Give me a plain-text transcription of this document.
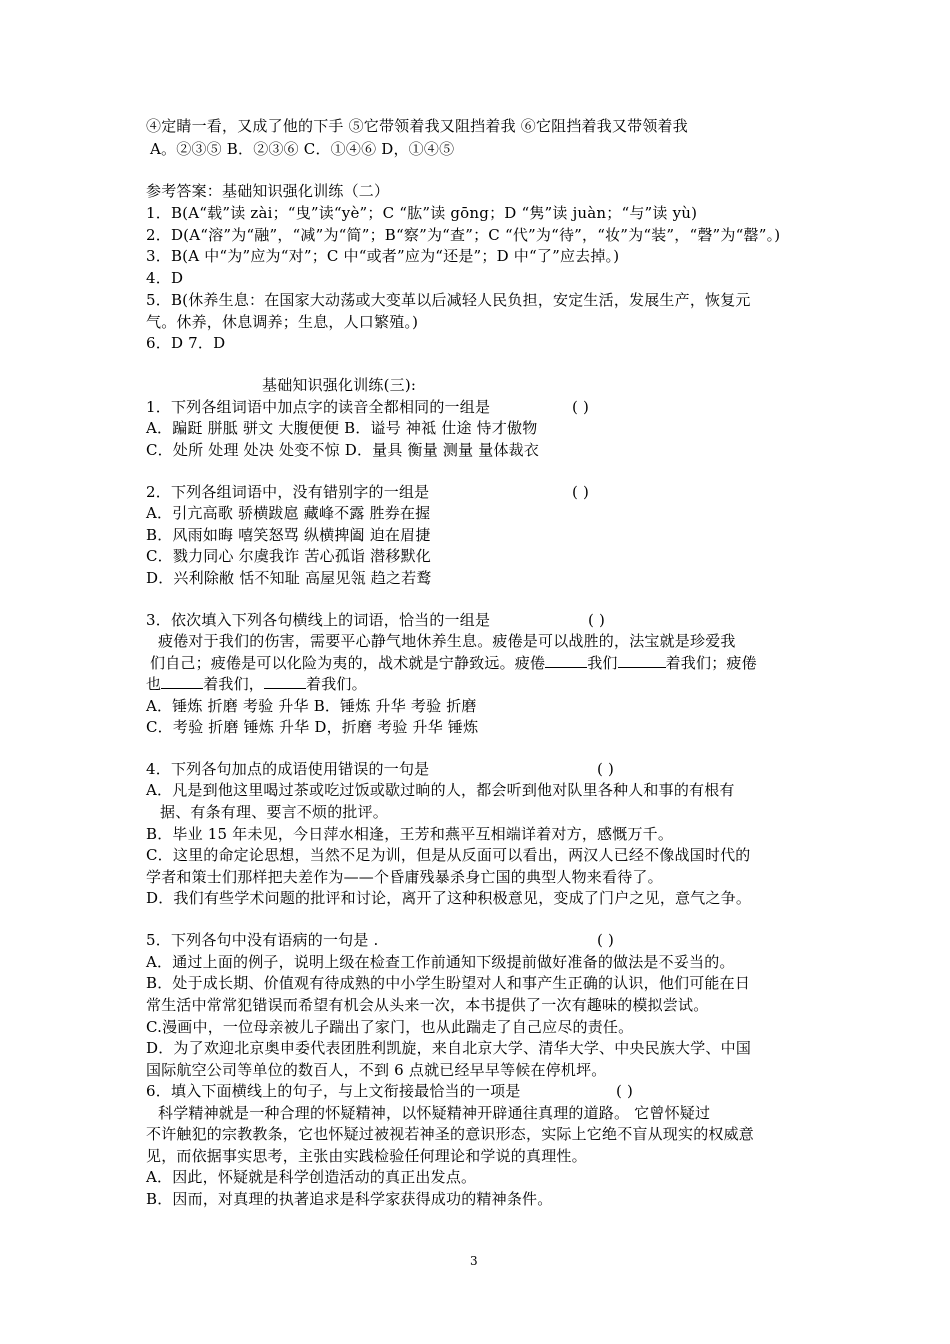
④定睛一看，又成了他的下手 ⑤它带领着我又阻挡着我 ⑥它阻挡着我又带领着我
A。②③⑤ B．②③⑥ C．①④⑥ D，①④⑤
参考答案：基础知识强化训练（二）
1．B(A“载”读 zài；“曳”读“yè”；C “肱”读 gōng；D “隽”读 juàn；“与”读 yù)
2．D(A“溶”为“融”，“减”为“简”；B“察”为“查”；C “代”为“待”，“妆”为“装”，“磬”为“罄”。)
3．B(A 中“为”应为“对”；C 中“或者”应为“还是”；D 中“了”应去掉。)
4．D
5．B(休养生息：在国家大动荡或大变革以后减轻人民负担，安定生活，发展生产，恢复元
气。休养，休息调养；生息，人口繁殖。)
6．D 7．D
基础知识强化训练(三):
1．下列各组词语中加点字的读音全都相同的一组是	( )
A．蹁跹 胼胝 骈文 大腹便便 B．谥号 神祗 仕途 恃才傲物
C．处所 处理 处决 处变不惊 D．量具 衡量 测量 量体裁衣
2．下列各组词语中，没有错别字的一组是	( )
A．引亢高歌 骄横跋扈 藏峰不露 胜券在握
B．风雨如晦 嘻笑怒骂 纵横捭阖 迫在眉捷
C．戮力同心 尔虞我诈 苦心孤诣 潜移默化
D．兴利除敝 恬不知耻 高屋见瓴 趋之若鹜
3．依次填入下列各句横线上的词语，恰当的一组是	( )
疲倦对于我们的伤害，需要平心静气地休养生息。疲倦是可以战胜的，法宝就是珍爱我
们自己；疲倦是可以化险为夷的，战术就是宁静致远。疲倦	我们	着我们；疲倦
也	着我们，	着我们。
A．锤炼 折磨 考验 升华 B．锤炼 升华 考验 折磨
C．考验 折磨 锤炼 升华 D，折磨 考验 升华 锤炼
4．下列各句加点的成语使用错误的一句是	( )
A．凡是到他这里喝过茶或吃过饭或歇过晌的人，都会听到他对队里各种人和事的有根有
据、有条有理、要言不烦的批评。
B．毕业 15 年未见，今日萍水相逢，王芳和燕平互相端详着对方，感慨万千。
C．这里的命定论思想，当然不足为训，但是从反面可以看出，两汉人已经不像战国时代的
学者和策士们那样把夫差作为——个昏庸残暴杀身亡国的典型人物来看待了。
D．我们有些学术问题的批评和讨论，离开了这种积极意见，变成了门户之见，意气之争。
5．下列各句中没有语病的一句是 .	( )
A．通过上面的例子，说明上级在检查工作前通知下级提前做好准备的做法是不妥当的。
B．处于成长期、价值观有待成熟的中小学生盼望对人和事产生正确的认识，他们可能在日
常生活中常常犯错误而希望有机会从头来一次，本书提供了一次有趣味的模拟尝试。
C.漫画中，一位母亲被儿子踹出了家门，也从此踹走了自己应尽的责任。
D．为了欢迎北京奥申委代表团胜利凯旋，来自北京大学、清华大学、中央民族大学、中国
国际航空公司等单位的数百人，不到 6 点就已经早早等候在停机坪。
6．填入下面横线上的句子，与上文衔接最恰当的一项是	( )
科学精神就是一种合理的怀疑精神，以怀疑精神开辟通往真理的道路。 它曾怀疑过
不许触犯的宗教教条，它也怀疑过被视若神圣的意识形态，实际上它绝不盲从现实的权威意
见，而依据事实思考，主张由实践检验任何理论和学说的真理性。
A．因此，怀疑就是科学创造活动的真正出发点。
B．因而，对真理的执著追求是科学家获得成功的精神条件。
3
